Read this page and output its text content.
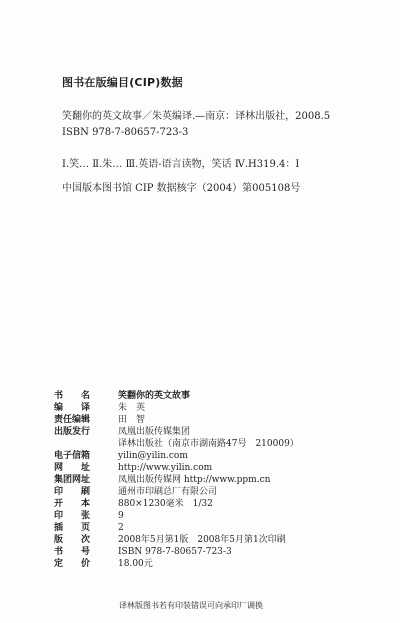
图书在版编目(CIP)数据
笑翻你的英文故事／朱英编译.—南京：译林出版社，2008.5
ISBN 978-7-80657-723-3
Ⅰ.笑… Ⅱ.朱… Ⅲ.英语-语言读物，笑话 Ⅳ.H319.4：Ⅰ
中国版本图书馆 CIP 数据核字（2004）第005108号
书　　名	笑翻你的英文故事
编　　译	朱　英
责任编辑	田　智
出版发行	凤凰出版传媒集团
译林出版社（南京市湖南路47号　210009）
电子信箱	yilin@yilin.com
网　　址	http://www.yilin.com
集团网址	凤凰出版传媒网 http://www.ppm.cn
印　　刷	通州市印刷总厂有限公司
开　　本	880×1230毫米　1/32
印　　张	9
插　　页	2
版　　次	2008年5月第1版　2008年5月第1次印刷
书　　号	ISBN 978-7-80657-723-3
定　　价	18.00元
译林版图书若有印装错误可向承印厂调换
